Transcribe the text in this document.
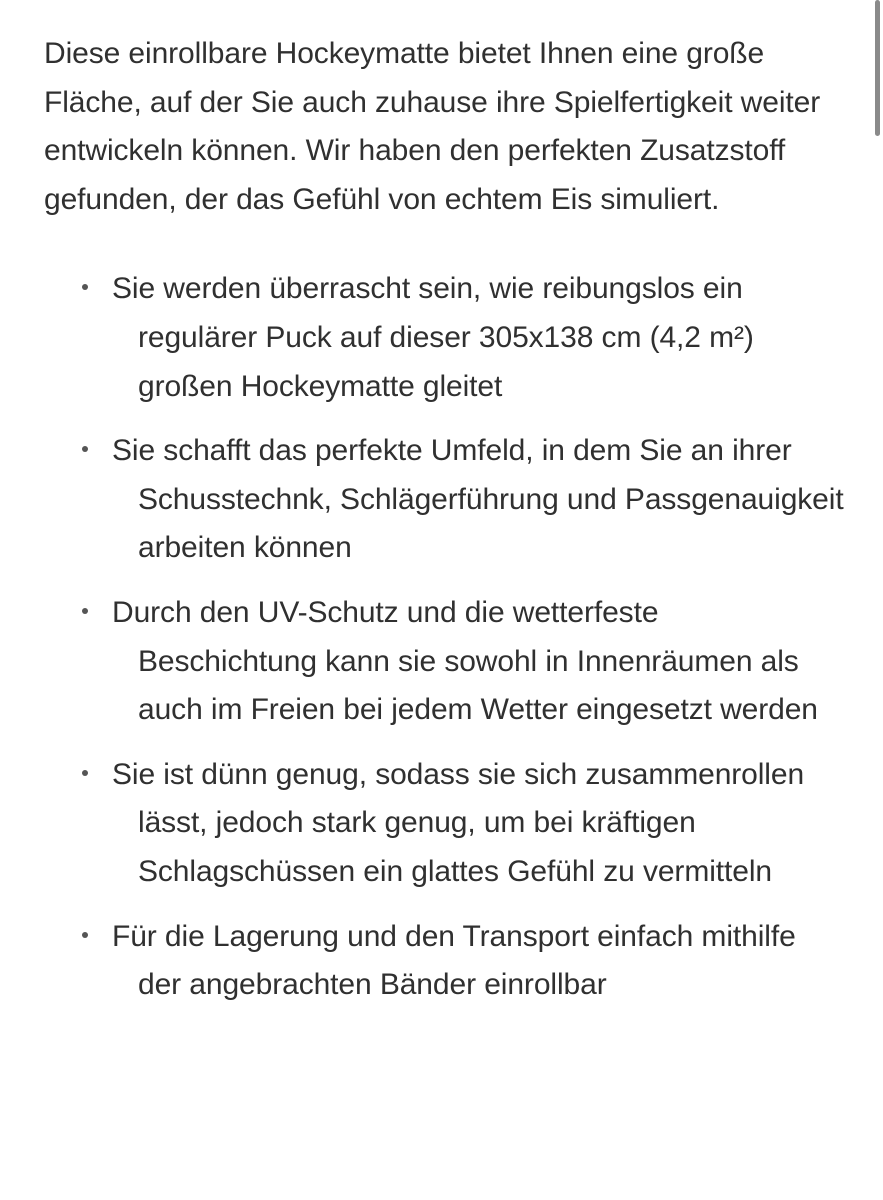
Diese einrollbare Hockeymatte bietet Ihnen eine große Fläche, auf der Sie auch zuhause ihre Spielfertigkeit weiter entwickeln können. Wir haben den perfekten Zusatzstoff gefunden, der das Gefühl von echtem Eis simuliert.

Sie werden überrascht sein, wie reibungslos ein regulärer Puck auf dieser 305x138 cm (4,2 m²) großen Hockeymatte gleitet
Sie schafft das perfekte Umfeld, in dem Sie an ihrer Schusstechnk, Schlägerführung und Passgenauigkeit arbeiten können
Durch den UV-Schutz und die wetterfeste Beschichtung kann sie sowohl in Innenräumen als auch im Freien bei jedem Wetter eingesetzt werden
Sie ist dünn genug, sodass sie sich zusammenrollen lässt, jedoch stark genug, um bei kräftigen Schlagschüssen ein glattes Gefühl zu vermitteln
Für die Lagerung und den Transport einfach mithilfe der angebrachten Bänder einrollbar
